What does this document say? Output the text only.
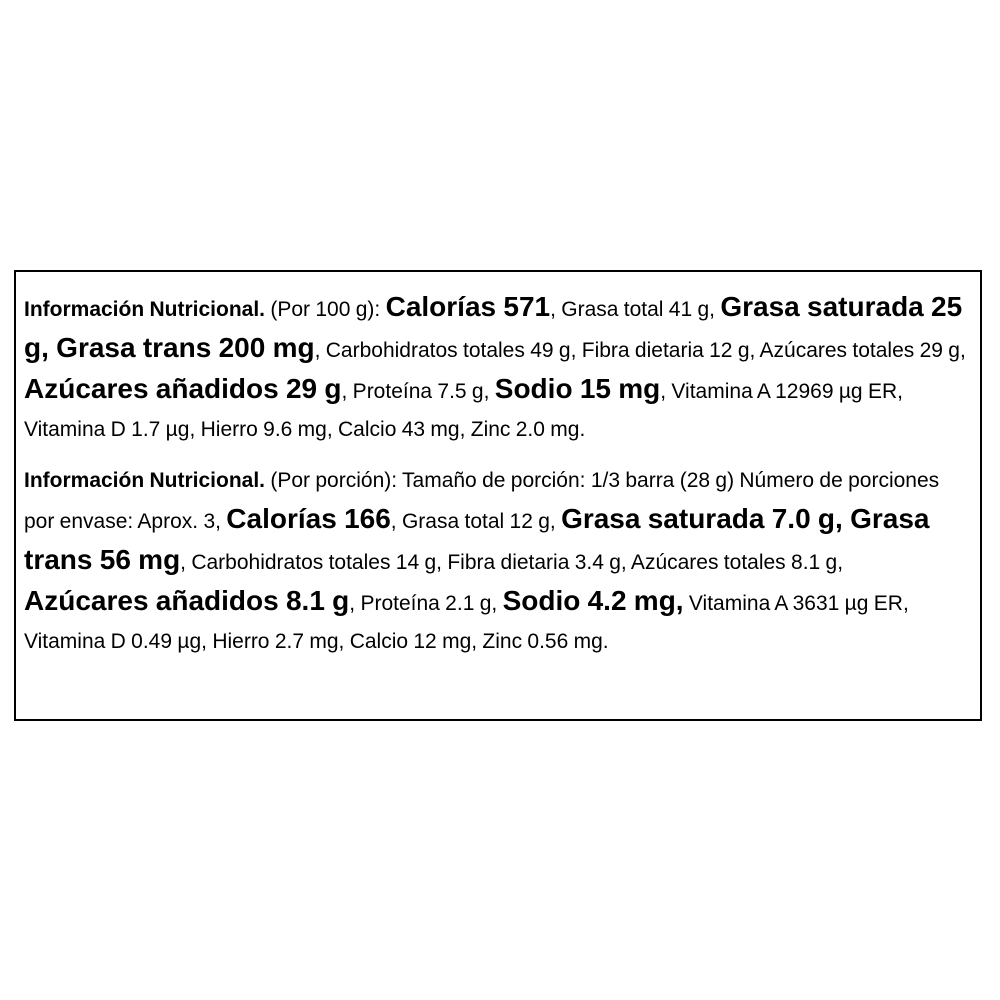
Información Nutricional. (Por 100 g): Calorías 571, Grasa total 41 g, Grasa saturada 25 g, Grasa trans 200 mg, Carbohidratos totales 49 g, Fibra dietaria 12 g, Azúcares totales 29 g, Azúcares añadidos 29 g, Proteína 7.5 g, Sodio 15 mg, Vitamina A 12969 µg ER, Vitamina D 1.7 µg, Hierro 9.6 mg, Calcio 43 mg, Zinc 2.0 mg.

Información Nutricional. (Por porción): Tamaño de porción: 1/3 barra (28 g) Número de porciones por envase: Aprox. 3, Calorías 166, Grasa total 12 g, Grasa saturada 7.0 g, Grasa trans 56 mg, Carbohidratos totales 14 g, Fibra dietaria 3.4 g, Azúcares totales 8.1 g, Azúcares añadidos 8.1 g, Proteína 2.1 g, Sodio 4.2 mg, Vitamina A 3631 µg ER, Vitamina D 0.49 µg, Hierro 2.7 mg, Calcio 12 mg, Zinc 0.56 mg.
